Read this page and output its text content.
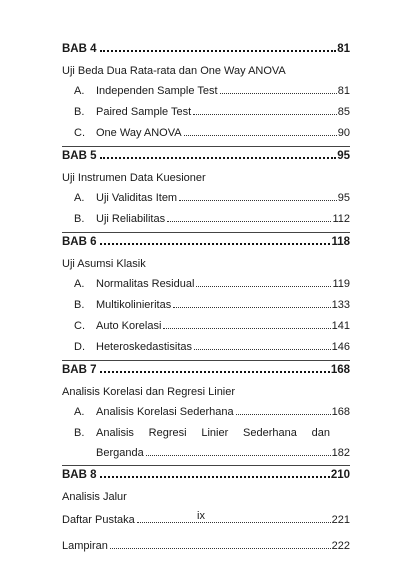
BAB 4	81
Uji Beda Dua Rata-rata dan One Way ANOVA
A.	Independen Sample Test	81
B.	Paired Sample Test	85
C.	One Way ANOVA	90
BAB 5	95
Uji Instrumen Data Kuesioner
A.	Uji Validitas Item	95
B.	Uji Reliabilitas	112
BAB 6	118
Uji Asumsi Klasik
A.	Normalitas Residual	119
B.	Multikolinieritas	133
C.	Auto Korelasi	141
D.	Heteroskedastisitas	146
BAB 7	168
Analisis Korelasi dan Regresi Linier
A.	Analisis Korelasi Sederhana	168
B.	Analisis Regresi Linier Sederhana dan
Berganda	182
BAB 8	210
Analisis Jalur
Daftar Pustaka	221
Lampiran	222
ix
